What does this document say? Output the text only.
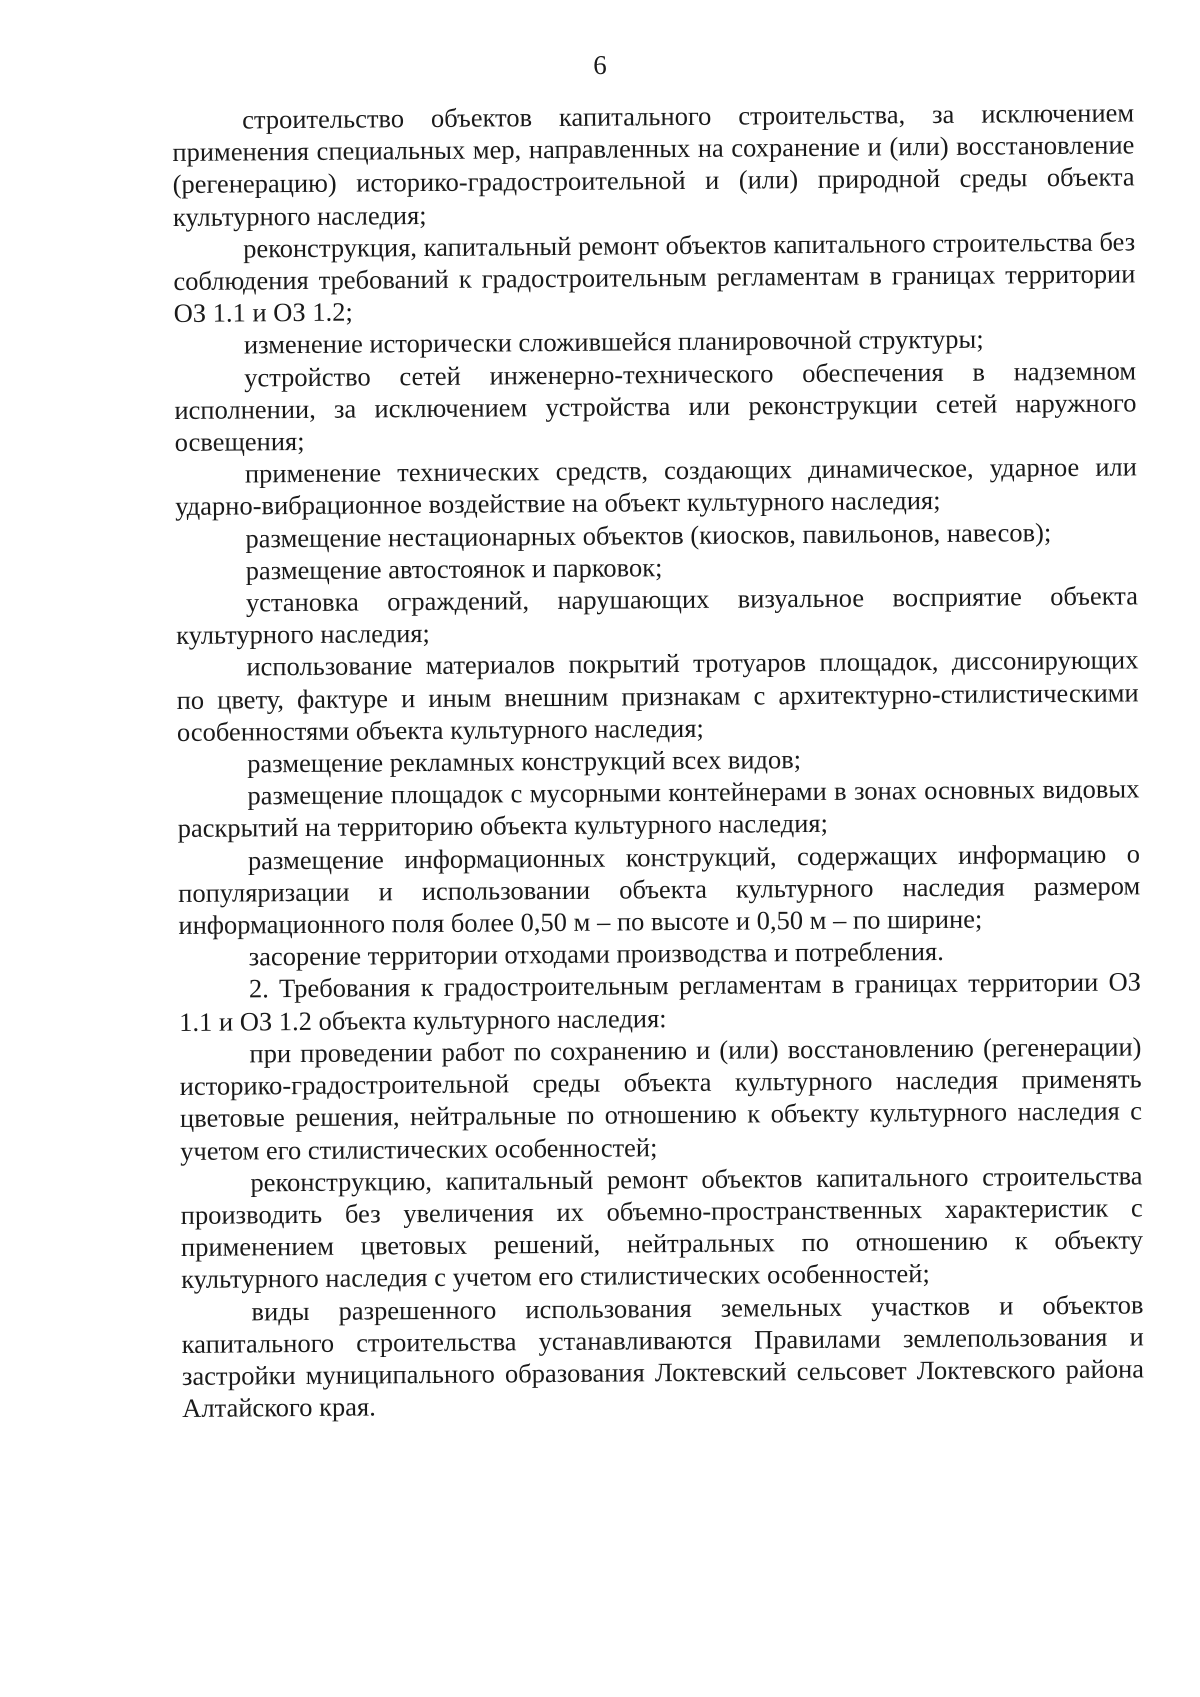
6

строительство объектов капитального строительства, за исключением применения специальных мер, направленных на сохранение и (или) восстановление (регенерацию) историко-градостроительной и (или) природной среды объекта культурного наследия;

реконструкция, капитальный ремонт объектов капитального строительства без соблюдения требований к градостроительным регламентам в границах территории ОЗ 1.1 и ОЗ 1.2;

изменение исторически сложившейся планировочной структуры;

устройство сетей инженерно-технического обеспечения в надземном исполнении, за исключением устройства или реконструкции сетей наружного освещения;

применение технических средств, создающих динамическое, ударное или ударно-вибрационное воздействие на объект культурного наследия;

размещение нестационарных объектов (киосков, павильонов, навесов);

размещение автостоянок и парковок;

установка ограждений, нарушающих визуальное восприятие объекта культурного наследия;

использование материалов покрытий тротуаров площадок, диссонирующих по цвету, фактуре и иным внешним признакам с архитектурно-стилистическими особенностями объекта культурного наследия;

размещение рекламных конструкций всех видов;

размещение площадок с мусорными контейнерами в зонах основных видовых раскрытий на территорию объекта культурного наследия;

размещение информационных конструкций, содержащих информацию о популяризации и использовании объекта культурного наследия размером информационного поля более 0,50 м – по высоте и 0,50 м – по ширине;

засорение территории отходами производства и потребления.

2. Требования к градостроительным регламентам в границах территории ОЗ 1.1 и ОЗ 1.2 объекта культурного наследия:

при проведении работ по сохранению и (или) восстановлению (регенерации) историко-градостроительной среды объекта культурного наследия применять цветовые решения, нейтральные по отношению к объекту культурного наследия с учетом его стилистических особенностей;

реконструкцию, капитальный ремонт объектов капитального строительства производить без увеличения их объемно-пространственных характеристик с применением цветовых решений, нейтральных по отношению к объекту культурного наследия с учетом его стилистических особенностей;

виды разрешенного использования земельных участков и объектов капитального строительства устанавливаются Правилами землепользования и застройки муниципального образования Локтевский сельсовет Локтевского района Алтайского края.
